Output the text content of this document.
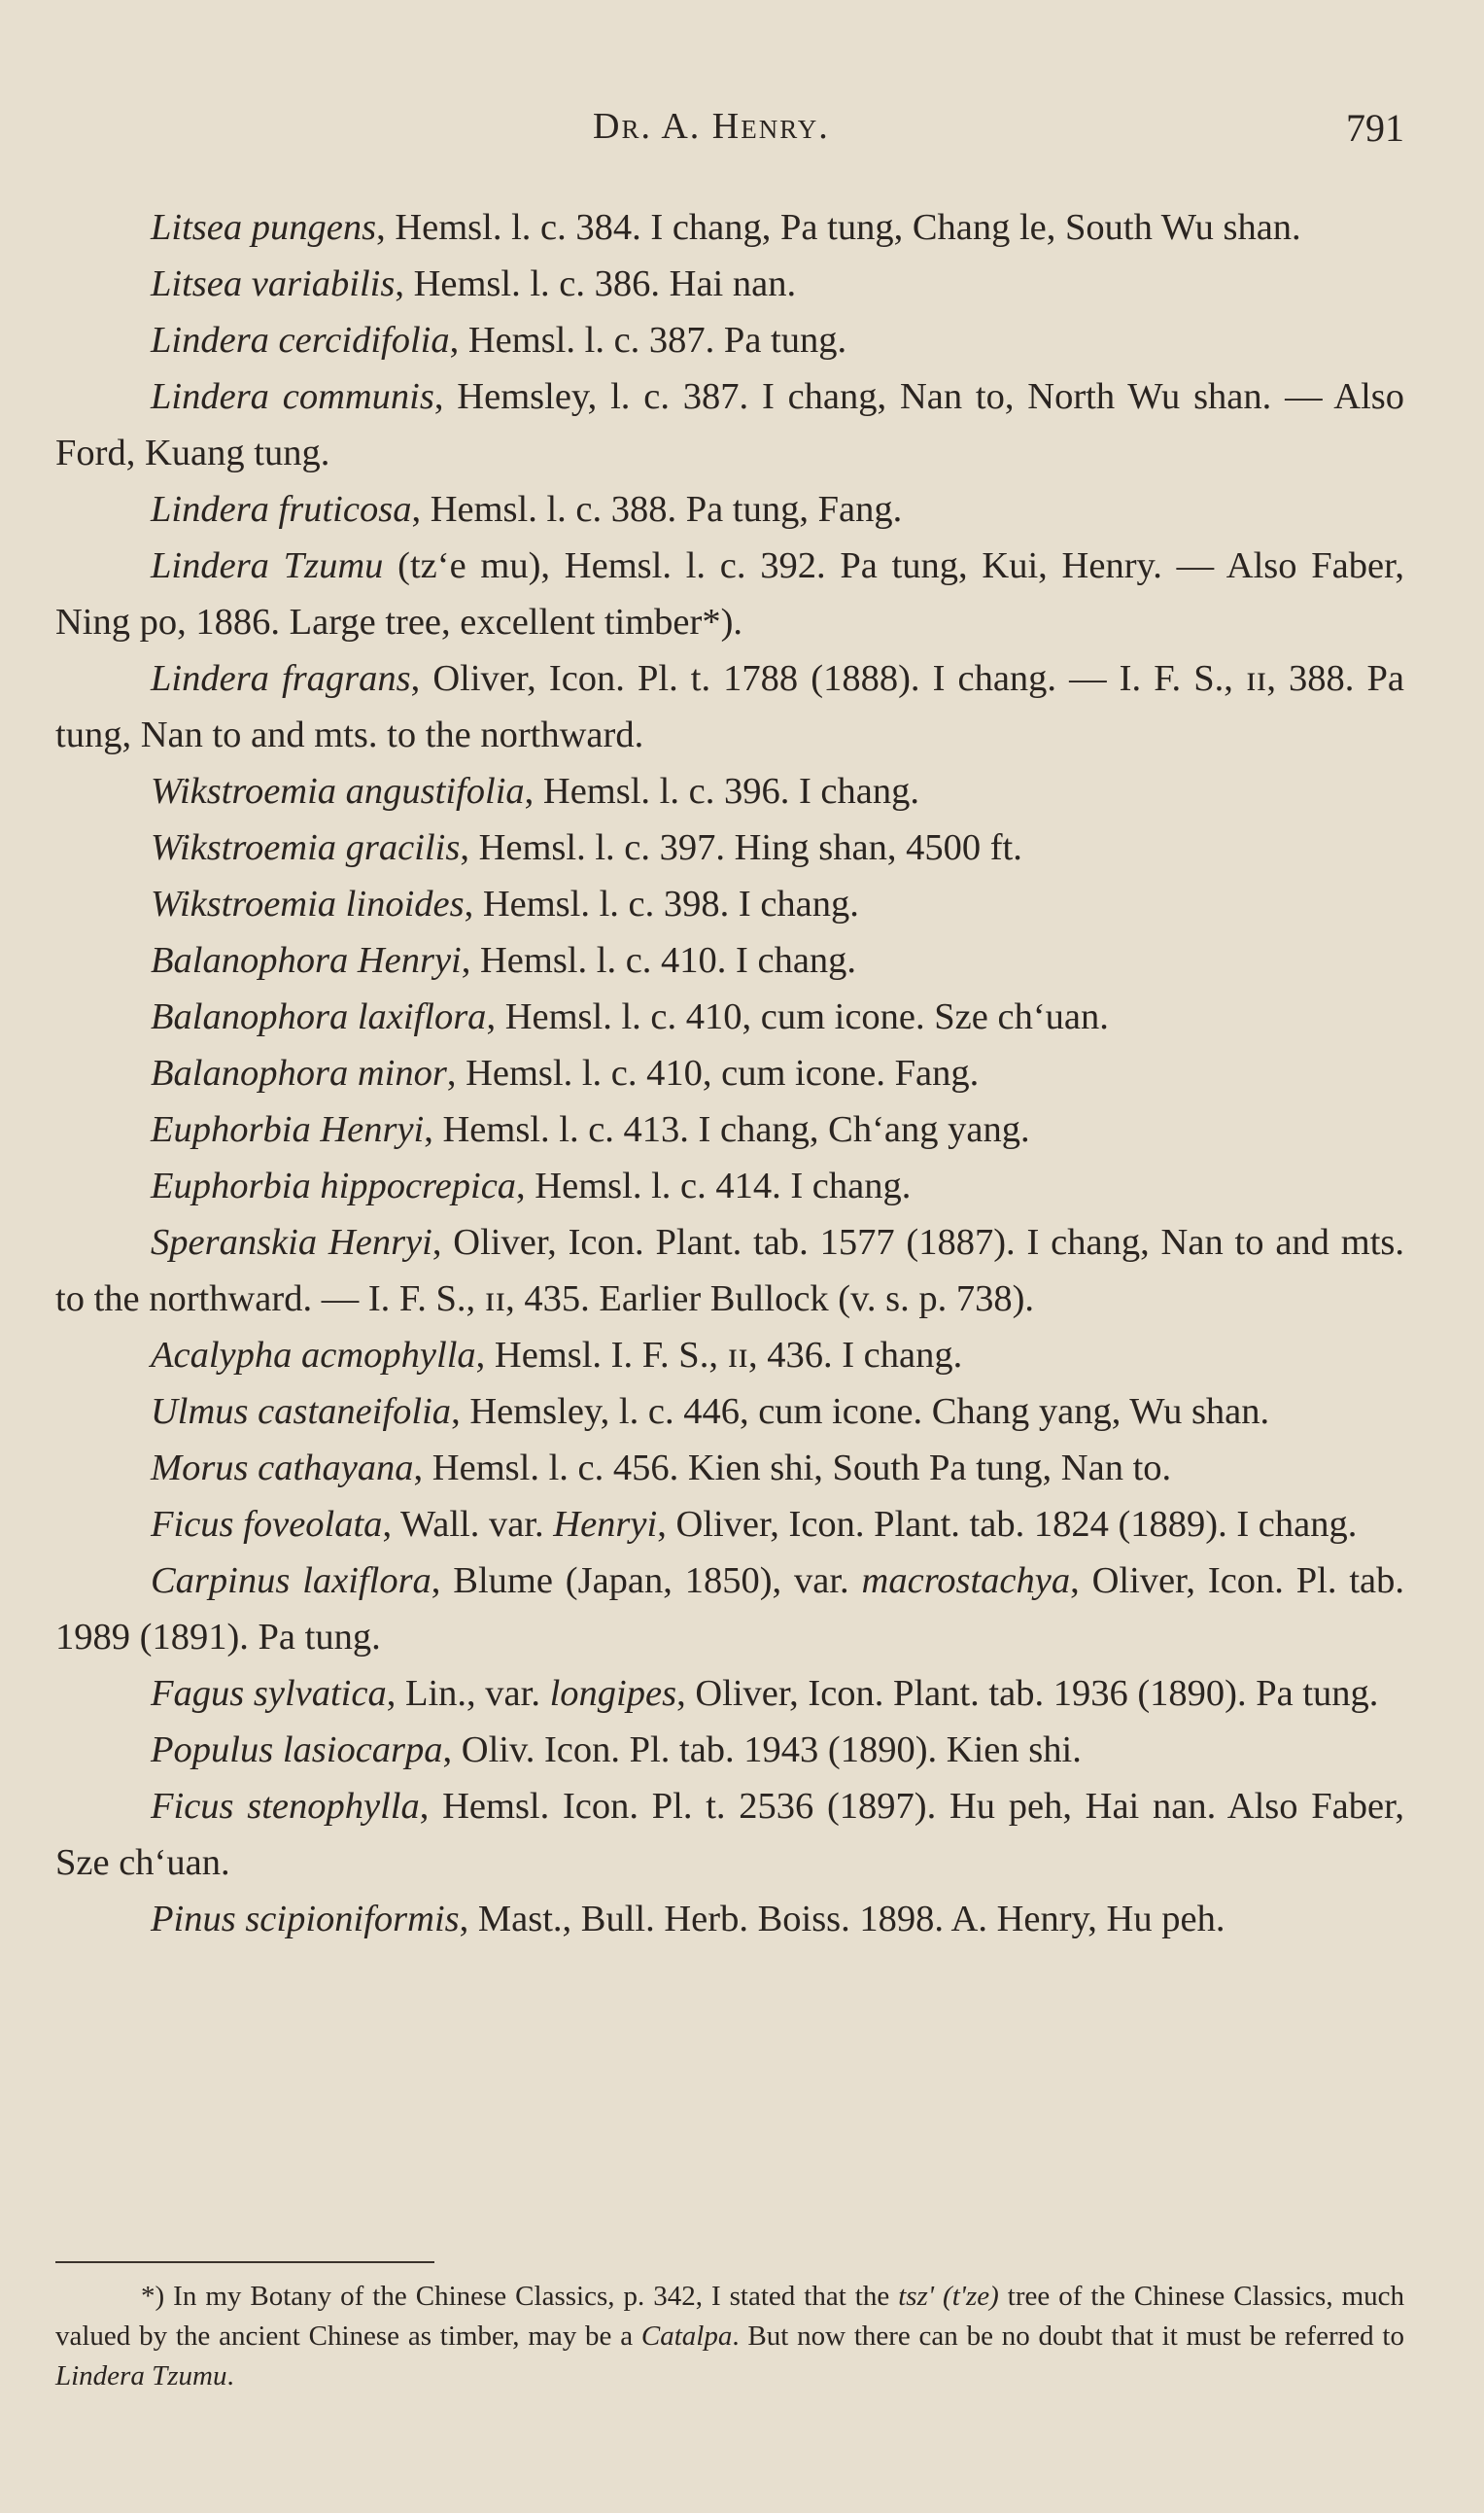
Dr. A. Henry.	791

Litsea pungens, Hemsl. l. c. 384. I chang, Pa tung, Chang le, South Wu shan.

Litsea variabilis, Hemsl. l. c. 386. Hai nan.

Lindera cercidifolia, Hemsl. l. c. 387. Pa tung.

Lindera communis, Hemsley, l. c. 387. I chang, Nan to, North Wu shan. — Also Ford, Kuang tung.

Lindera fruticosa, Hemsl. l. c. 388. Pa tung, Fang.

Lindera Tzumu (tzʻe mu), Hemsl. l. c. 392. Pa tung, Kui, Henry. — Also Faber, Ning po, 1886. Large tree, excellent timber*).

Lindera fragrans, Oliver, Icon. Pl. t. 1788 (1888). I chang. — I. F. S., ɪɪ, 388. Pa tung, Nan to and mts. to the northward.

Wikstroemia angustifolia, Hemsl. l. c. 396. I chang.

Wikstroemia gracilis, Hemsl. l. c. 397. Hing shan, 4500 ft.

Wikstroemia linoides, Hemsl. l. c. 398. I chang.

Balanophora Henryi, Hemsl. l. c. 410. I chang.

Balanophora laxiflora, Hemsl. l. c. 410, cum icone. Sze chʻuan.

Balanophora minor, Hemsl. l. c. 410, cum icone. Fang.

Euphorbia Henryi, Hemsl. l. c. 413. I chang, Chʻang yang.

Euphorbia hippocrepica, Hemsl. l. c. 414. I chang.

Speranskia Henryi, Oliver, Icon. Plant. tab. 1577 (1887). I chang, Nan to and mts. to the northward. — I. F. S., ɪɪ, 435. Earlier Bullock (v. s. p. 738).

Acalypha acmophylla, Hemsl. I. F. S., ɪɪ, 436. I chang.

Ulmus castaneifolia, Hemsley, l. c. 446, cum icone. Chang yang, Wu shan.

Morus cathayana, Hemsl. l. c. 456. Kien shi, South Pa tung, Nan to.

Ficus foveolata, Wall. var. Henryi, Oliver, Icon. Plant. tab. 1824 (1889). I chang.

Carpinus laxiflora, Blume (Japan, 1850), var. macrostachya, Oliver, Icon. Pl. tab. 1989 (1891). Pa tung.

Fagus sylvatica, Lin., var. longipes, Oliver, Icon. Plant. tab. 1936 (1890). Pa tung.

Populus lasiocarpa, Oliv. Icon. Pl. tab. 1943 (1890). Kien shi.

Ficus stenophylla, Hemsl. Icon. Pl. t. 2536 (1897). Hu peh, Hai nan. Also Faber, Sze chʻuan.

Pinus scipioniformis, Mast., Bull. Herb. Boiss. 1898. A. Henry, Hu peh.

*) In my Botany of the Chinese Classics, p. 342, I stated that the tsz' (t'ze) tree of the Chinese Classics, much valued by the ancient Chinese as timber, may be a Catalpa. But now there can be no doubt that it must be referred to Lindera Tzumu.
